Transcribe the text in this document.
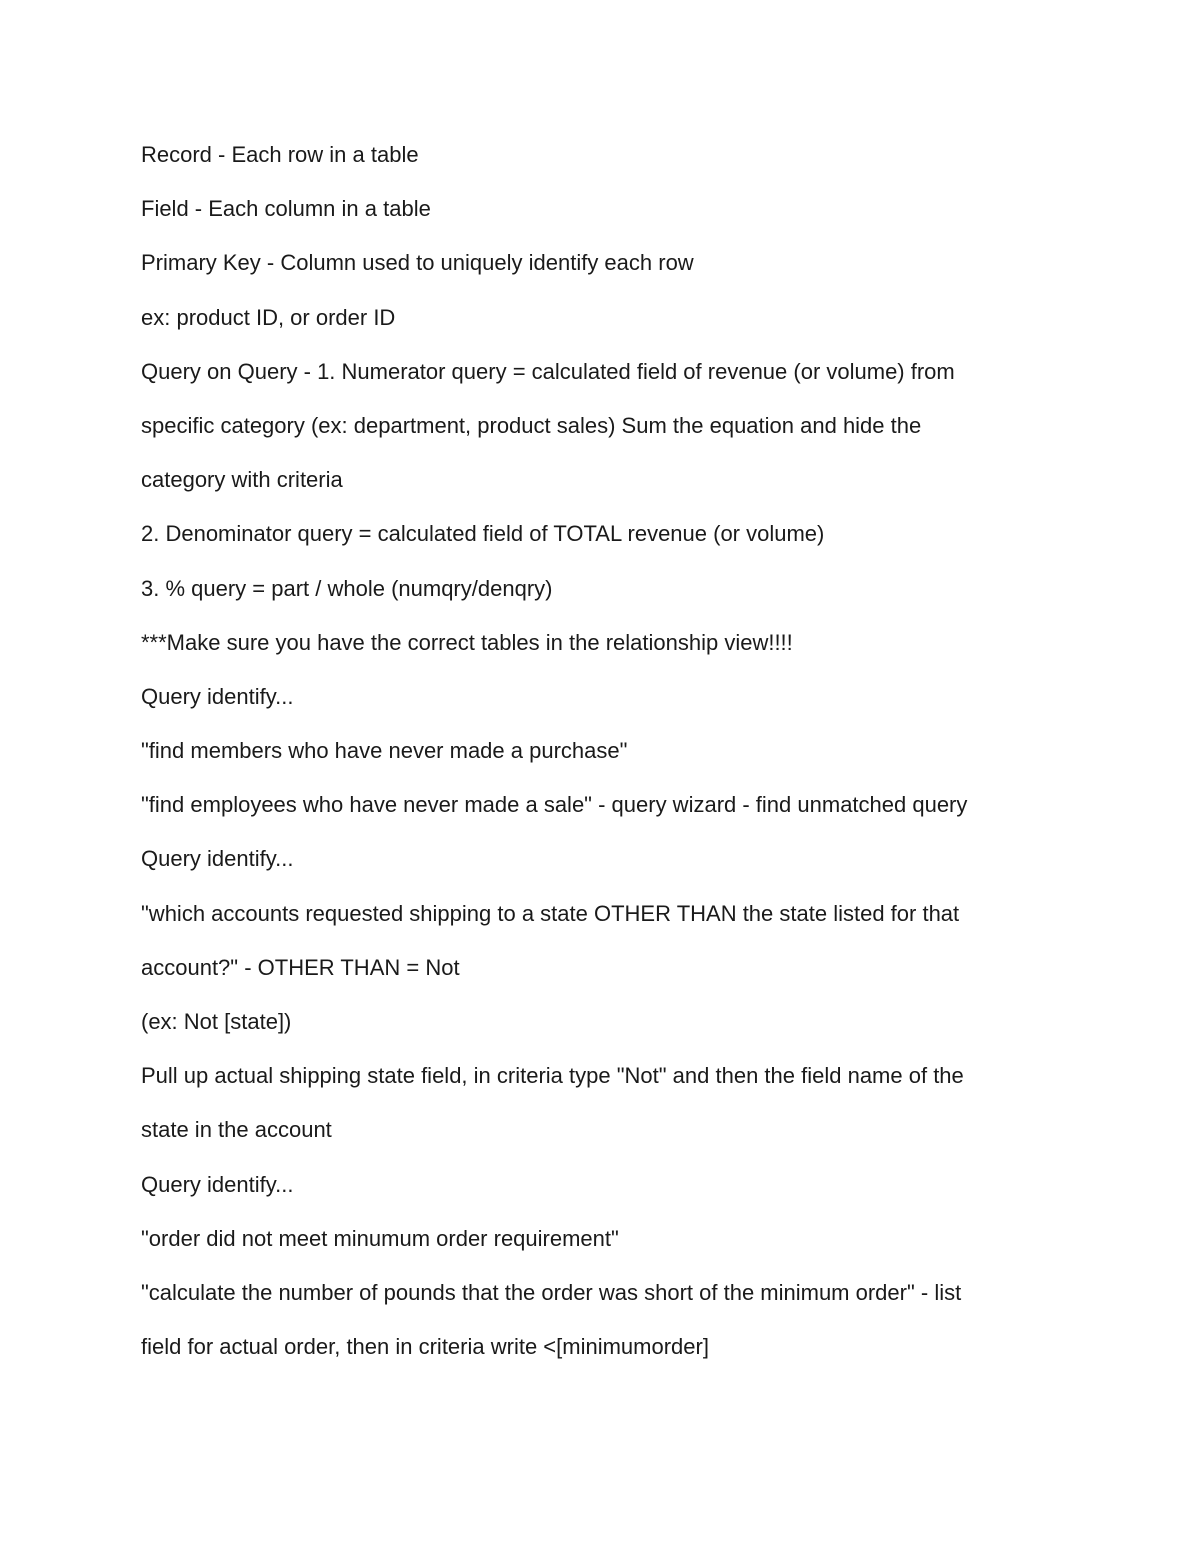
Record - Each row in a table

Field - Each column in a table

Primary Key - Column used to uniquely identify each row

ex: product ID, or order ID

Query on Query - 1. Numerator query = calculated field of revenue (or volume) from

specific category (ex: department, product sales) Sum the equation and hide the

category with criteria

2. Denominator query = calculated field of TOTAL revenue (or volume)

3. % query = part / whole (numqry/denqry)

***Make sure you have the correct tables in the relationship view!!!!

Query identify...

"find members who have never made a purchase"

"find employees who have never made a sale" - query wizard - find unmatched query

Query identify...

"which accounts requested shipping to a state OTHER THAN the state listed for that

account?" - OTHER THAN = Not

(ex: Not [state])

Pull up actual shipping state field, in criteria type "Not" and then the field name of the

state in the account

Query identify...

"order did not meet minumum order requirement"

"calculate the number of pounds that the order was short of the minimum order" - list

field for actual order, then in criteria write <[minimumorder]
